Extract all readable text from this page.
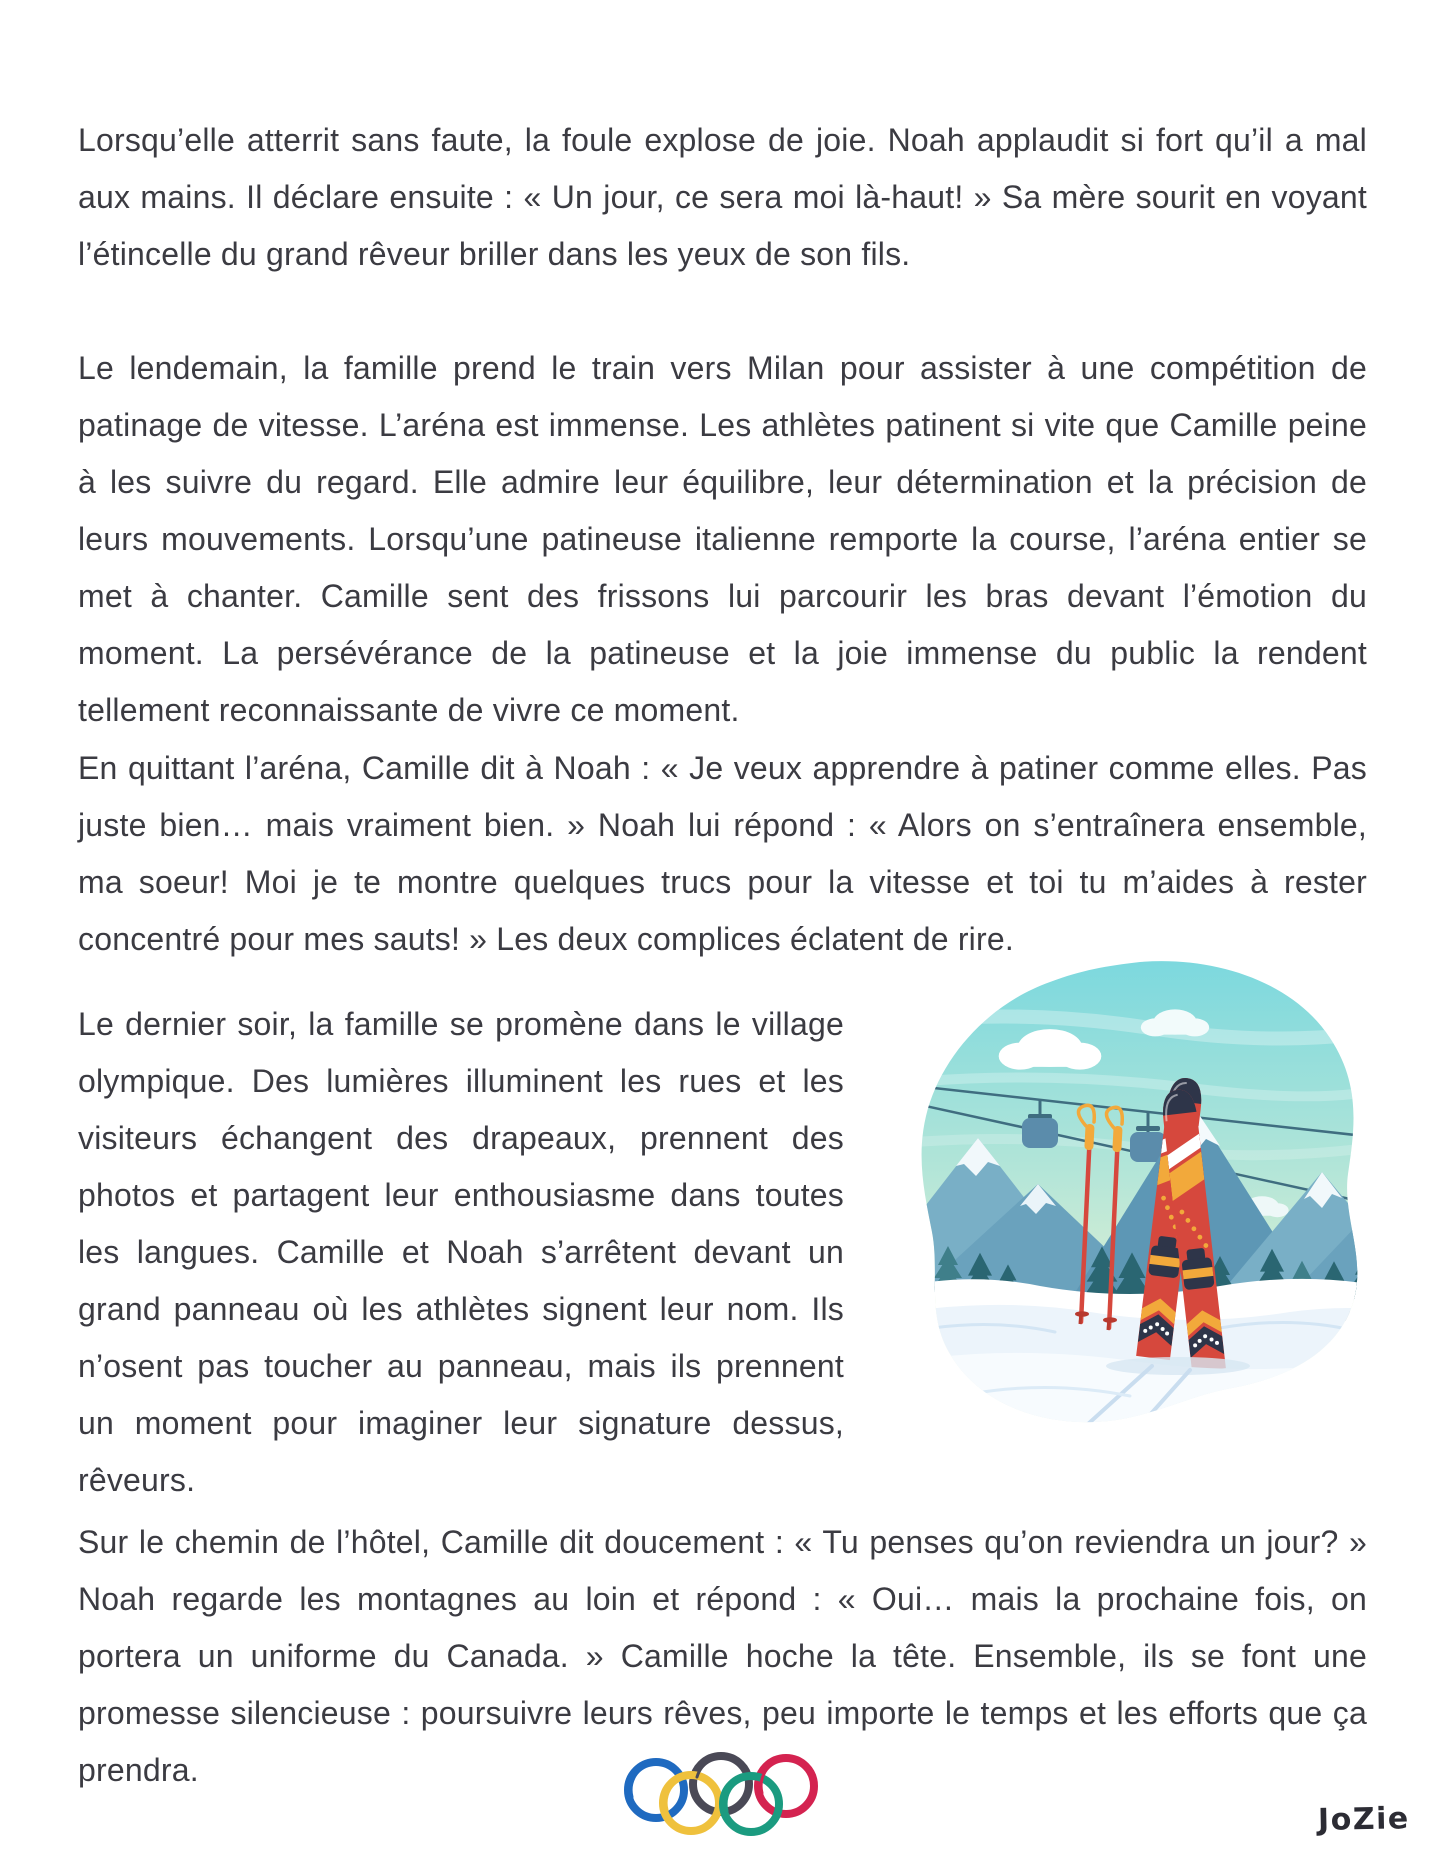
Lorsqu’elle atterrit sans faute, la foule explose de joie. Noah applaudit si fort qu’il a mal aux mains. Il déclare ensuite : « Un jour, ce sera moi là-haut! » Sa mère sourit en voyant l’étincelle du grand rêveur briller dans les yeux de son fils.

Le lendemain, la famille prend le train vers Milan pour assister à une compétition de patinage de vitesse. L’aréna est immense. Les athlètes patinent si vite que Camille peine à les suivre du regard. Elle admire leur équilibre, leur détermination et la précision de leurs mouvements. Lorsqu’une patineuse italienne remporte la course, l’aréna entier se met à chanter. Camille sent des frissons lui parcourir les bras devant l’émotion du moment. La persévérance de la patineuse et la joie immense du public la rendent tellement reconnaissante de vivre ce moment.

En quittant l’aréna, Camille dit à Noah : « Je veux apprendre à patiner comme elles. Pas juste bien… mais vraiment bien. » Noah lui répond : « Alors on s’entraînera ensemble, ma soeur! Moi je te montre quelques trucs pour la vitesse et toi tu m’aides à rester concentré pour mes sauts! » Les deux complices éclatent de rire.

Le dernier soir, la famille se promène dans le village olympique. Des lumières illuminent les rues et les visiteurs échangent des drapeaux, prennent des photos et partagent leur enthousiasme dans toutes les langues. Camille et Noah s’arrêtent devant un grand panneau où les athlètes signent leur nom. Ils n’osent pas toucher au panneau, mais ils prennent un moment pour imaginer leur signature dessus, rêveurs.

Sur le chemin de l’hôtel, Camille dit doucement : « Tu penses qu’on reviendra un jour? » Noah regarde les montagnes au loin et répond : « Oui… mais la prochaine fois, on portera un uniforme du Canada. » Camille hoche la tête. Ensemble, ils se font une promesse silencieuse : poursuivre leurs rêves, peu importe le temps et les efforts que ça prendra.

JoZie
